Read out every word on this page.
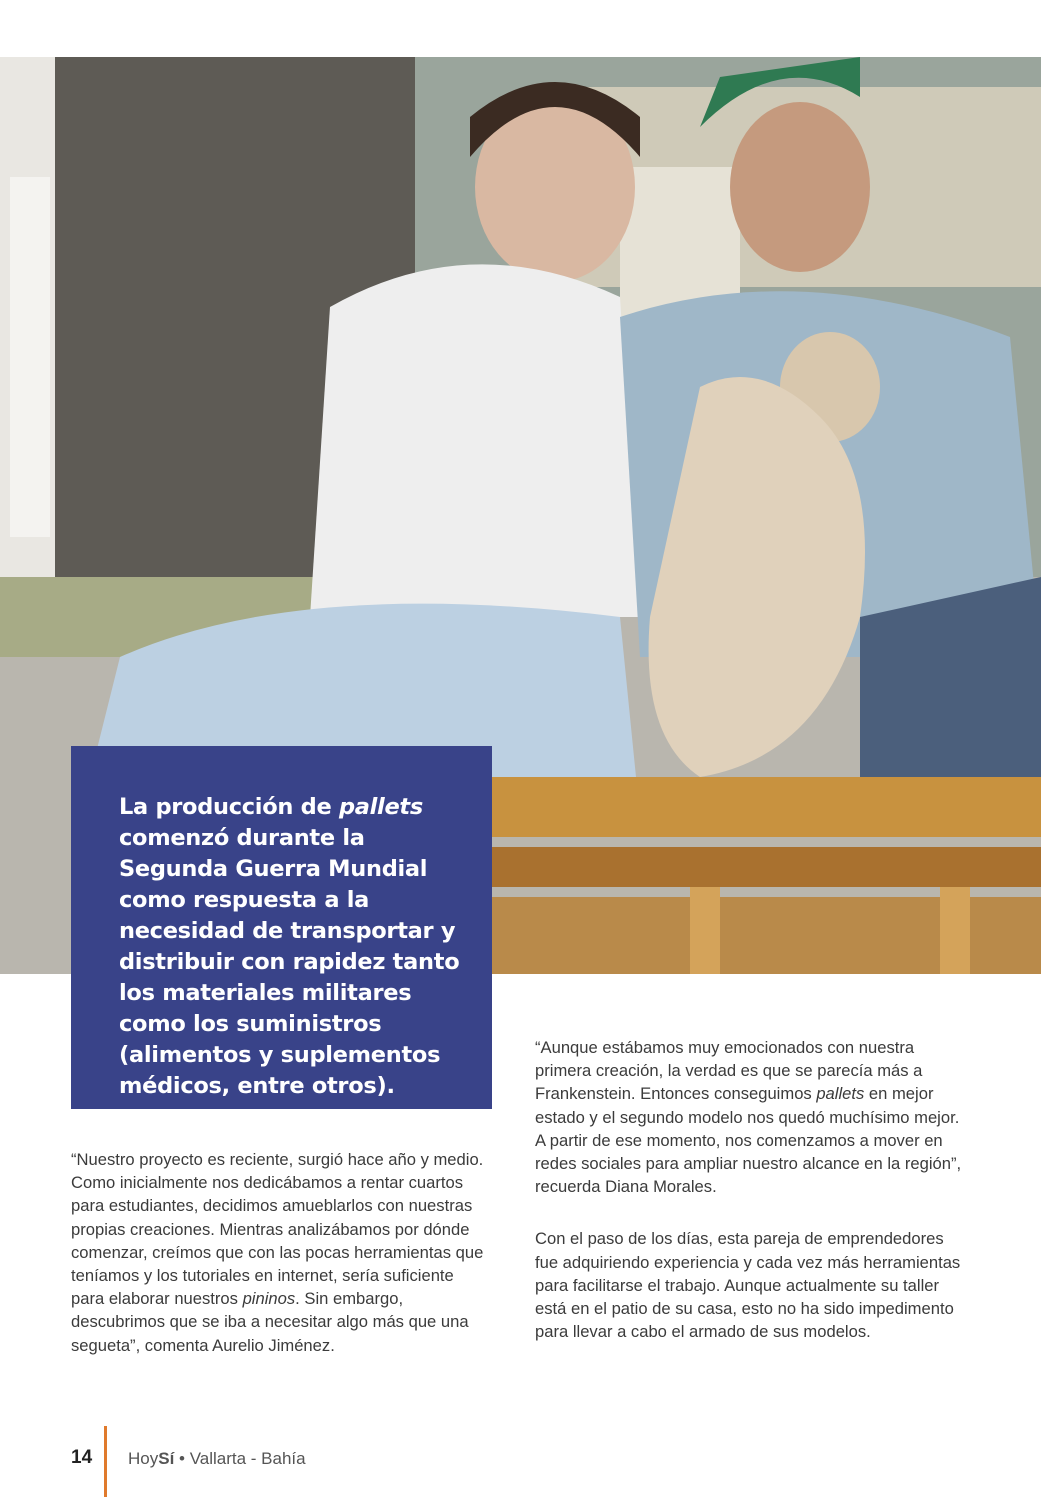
La producción de pallets comenzó durante la Segunda Guerra Mundial como respuesta a la necesidad de transportar y distribuir con rapidez tanto los materiales militares como los suministros (alimentos y suplementos médicos, entre otros).

“Nuestro proyecto es reciente, surgió hace año y medio. Como inicialmente nos dedicábamos a rentar cuartos para estudiantes, decidimos amueblarlos con nuestras propias creaciones. Mientras analizábamos por dónde comenzar, creímos que con las pocas herramientas que teníamos y los tutoriales en internet, sería suficiente para elaborar nuestros pininos. Sin embargo, descubrimos que se iba a necesitar algo más que una segueta”, comenta Aurelio Jiménez.

“Aunque estábamos muy emocionados con nuestra primera creación, la verdad es que se parecía más a Frankenstein. Entonces conseguimos pallets en mejor estado y el segundo modelo nos quedó muchísimo mejor. A partir de ese momento, nos comenzamos a mover en redes sociales para ampliar nuestro alcance en la región”, recuerda Diana Morales.

Con el paso de los días, esta pareja de emprendedores fue adquiriendo experiencia y cada vez más herramientas para facilitarse el trabajo. Aunque actualmente su taller está en el patio de su casa, esto no ha sido impedimento para llevar a cabo el armado de sus modelos.

14 HoySí • Vallarta - Bahía
